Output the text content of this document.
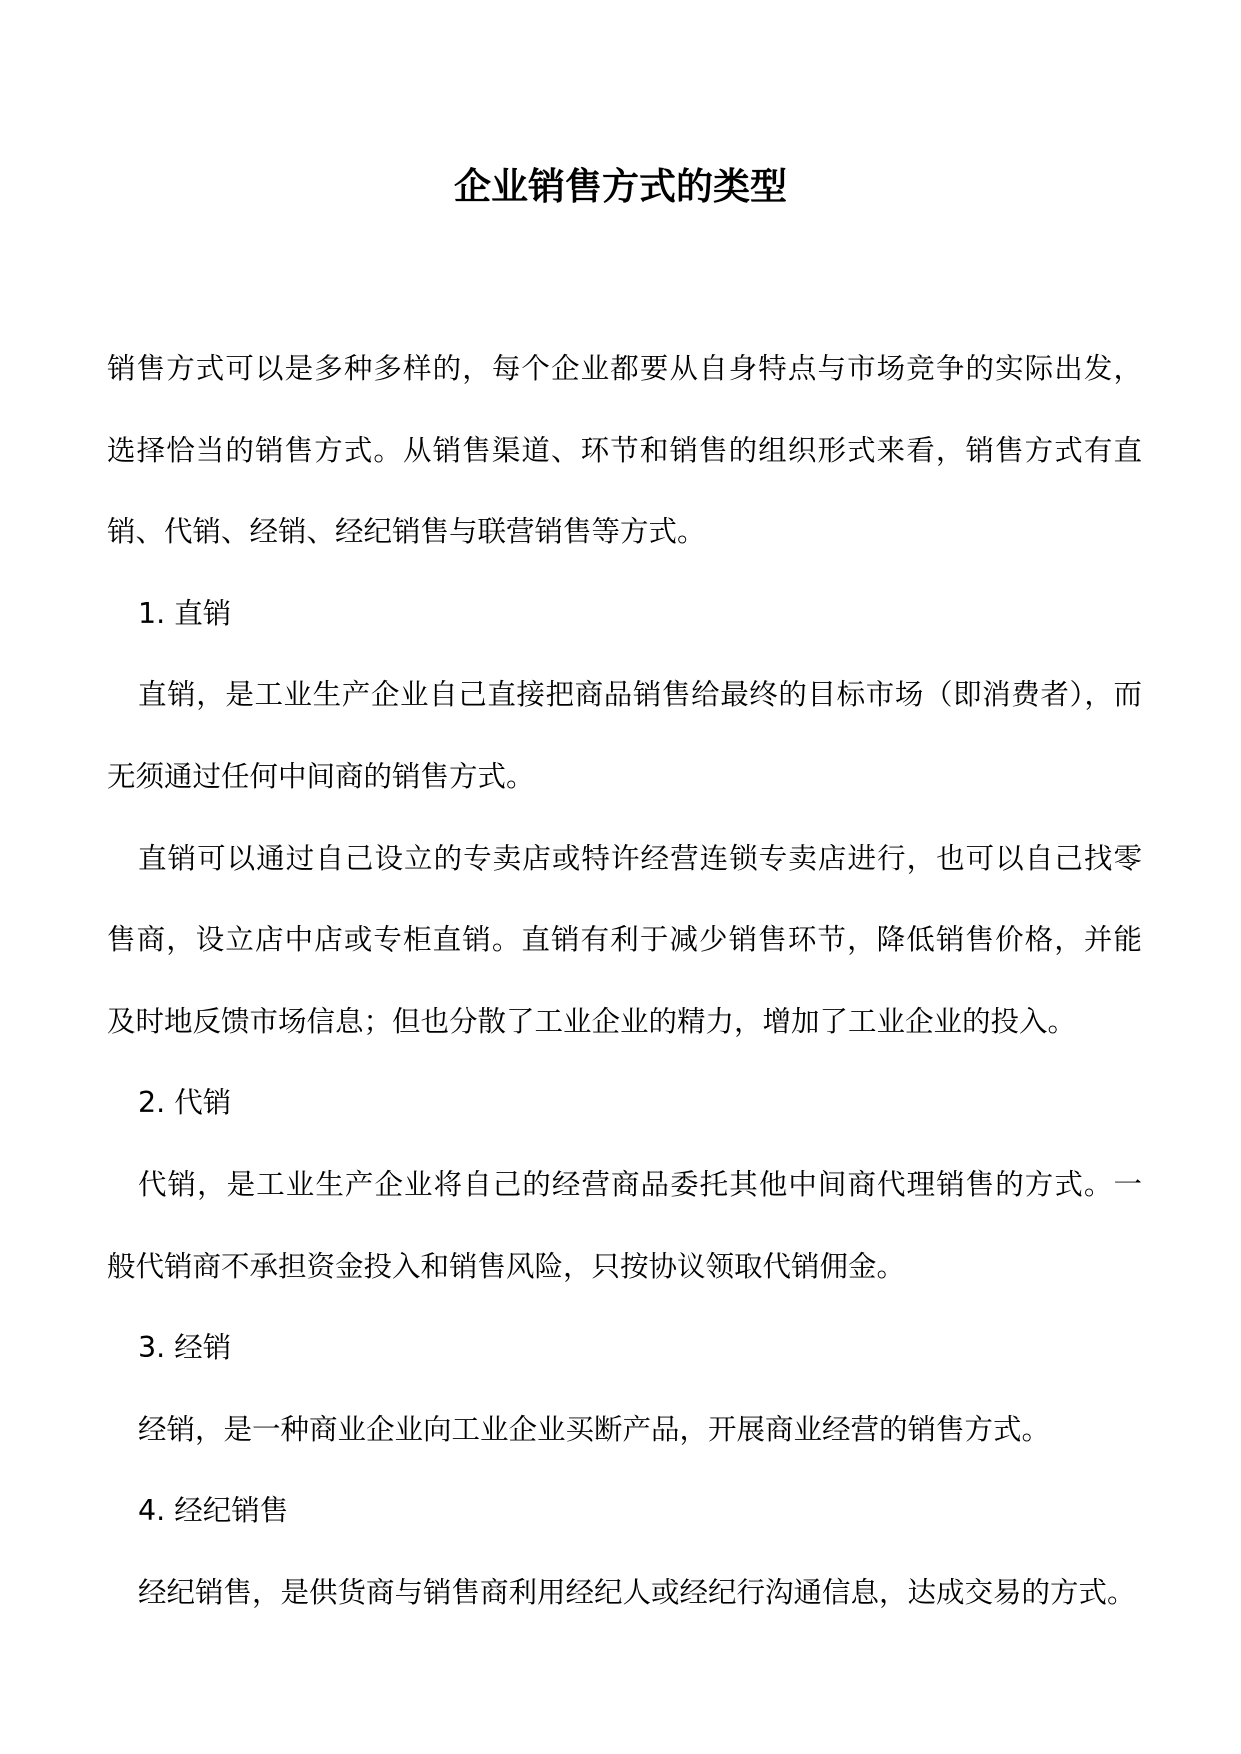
企业销售方式的类型
销售方式可以是多种多样的，每个企业都要从自身特点与市场竞争的实际出发，
选择恰当的销售方式。从销售渠道、环节和销售的组织形式来看，销售方式有直
销、代销、经销、经纪销售与联营销售等方式。
1. 直销
直销，是工业生产企业自己直接把商品销售给最终的目标市场（即消费者），而
无须通过任何中间商的销售方式。
直销可以通过自己设立的专卖店或特许经营连锁专卖店进行，也可以自己找零
售商，设立店中店或专柜直销。直销有利于减少销售环节，降低销售价格，并能
及时地反馈市场信息；但也分散了工业企业的精力，增加了工业企业的投入。
2. 代销
代销，是工业生产企业将自己的经营商品委托其他中间商代理销售的方式。一
般代销商不承担资金投入和销售风险，只按协议领取代销佣金。
3. 经销
经销，是一种商业企业向工业企业买断产品，开展商业经营的销售方式。
4. 经纪销售
经纪销售，是供货商与销售商利用经纪人或经纪行沟通信息，达成交易的方式。
